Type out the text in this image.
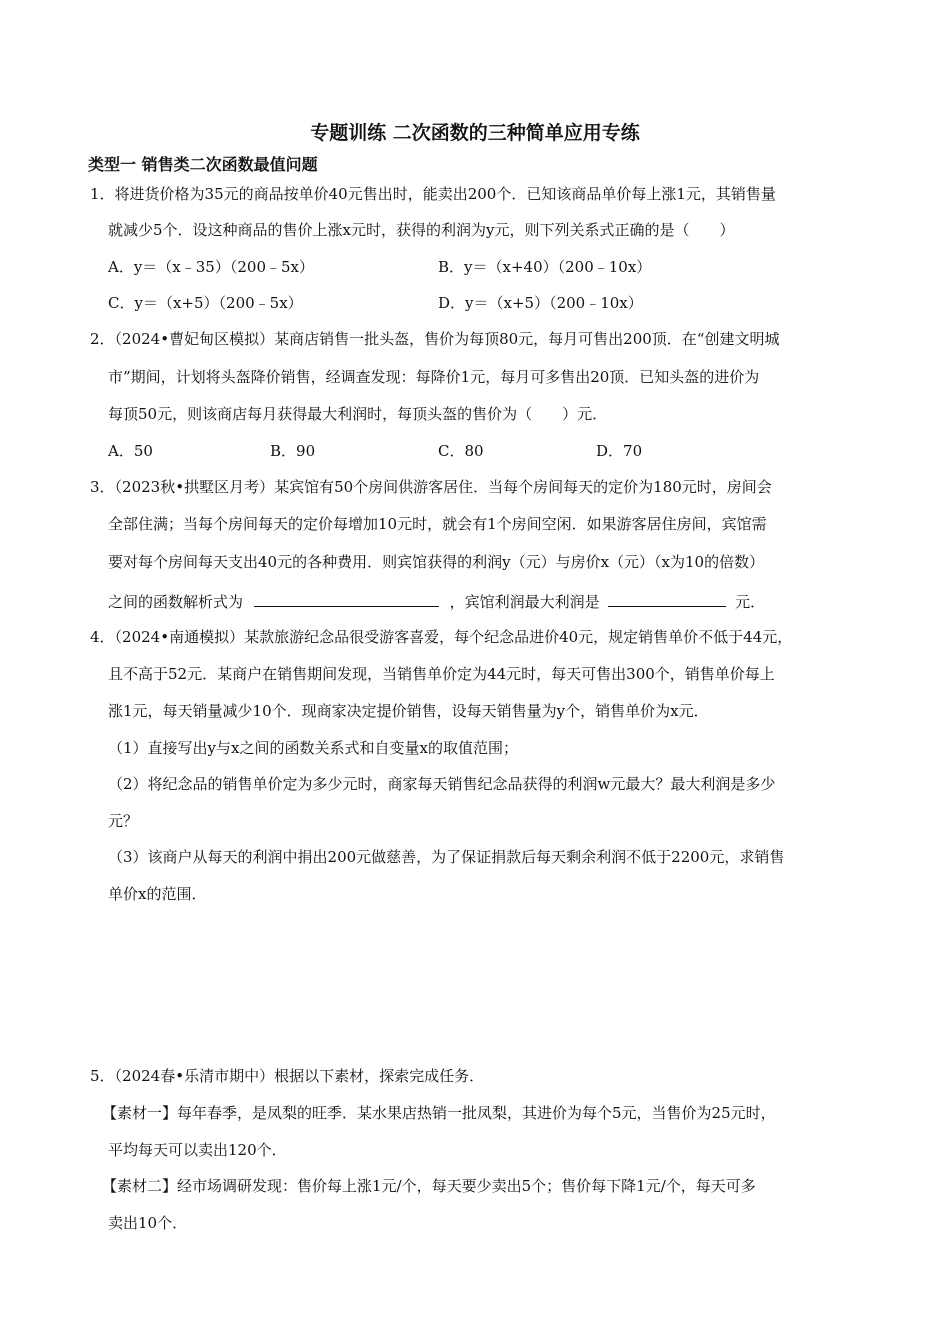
专题训练 二次函数的三种简单应用专练
类型一 销售类二次函数最值问题
1．将进货价格为35元的商品按单价40元售出时，能卖出200个．已知该商品单价每上涨1元，其销售量
就减少5个．设这种商品的售价上涨x元时，获得的利润为y元，则下列关系式正确的是（　　）
A．y＝（x﹣35）（200﹣5x）	B．y＝（x+40）（200﹣10x）
C．y＝（x+5）（200﹣5x）	D．y＝（x+5）（200﹣10x）
2．（2024•曹妃甸区模拟）某商店销售一批头盔，售价为每顶80元，每月可售出200顶．在“创建文明城
市”期间，计划将头盔降价销售，经调查发现：每降价1元，每月可多售出20顶．已知头盔的进价为
每顶50元，则该商店每月获得最大利润时，每顶头盔的售价为（　　）元．
A．50	B．90	C．80	D．70
3．（2023秋•拱墅区月考）某宾馆有50个房间供游客居住．当每个房间每天的定价为180元时，房间会
全部住满；当每个房间每天的定价每增加10元时，就会有1个房间空闲．如果游客居住房间，宾馆需
要对每个房间每天支出40元的各种费用．则宾馆获得的利润y（元）与房价x（元）（x为10的倍数）
之间的函数解析式为	，宾馆利润最大利润是	元．
4．（2024•南通模拟）某款旅游纪念品很受游客喜爱，每个纪念品进价40元，规定销售单价不低于44元，
且不高于52元．某商户在销售期间发现，当销售单价定为44元时，每天可售出300个，销售单价每上
涨1元，每天销量减少10个．现商家决定提价销售，设每天销售量为y个，销售单价为x元．
（1）直接写出y与x之间的函数关系式和自变量x的取值范围；
（2）将纪念品的销售单价定为多少元时，商家每天销售纪念品获得的利润w元最大？最大利润是多少
元？
（3）该商户从每天的利润中捐出200元做慈善，为了保证捐款后每天剩余利润不低于2200元，求销售
单价x的范围．
5．（2024春•乐清市期中）根据以下素材，探索完成任务．
【素材一】每年春季，是凤梨的旺季．某水果店热销一批凤梨，其进价为每个5元，当售价为25元时，
平均每天可以卖出120个．
【素材二】经市场调研发现：售价每上涨1元/个，每天要少卖出5个；售价每下降1元/个，每天可多
卖出10个．
